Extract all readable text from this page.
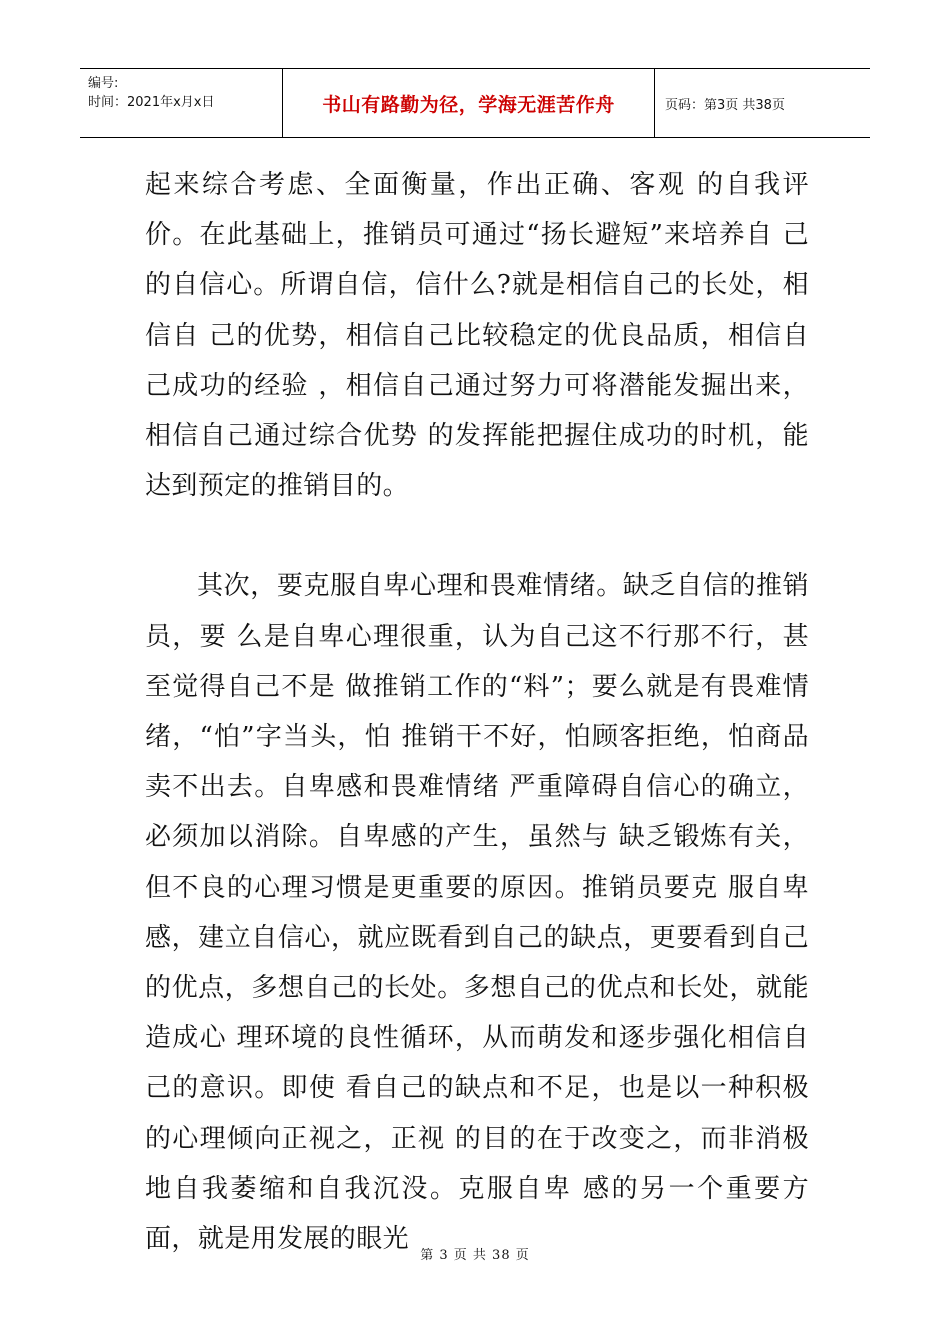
编号:
时间：2021年x月x日	书山有路勤为径，学海无涯苦作舟	页码：第3页 共38页

起来综合考虑、全面衡量，作出正确、客观 的自我评价。在此基础上，推销员可通过“扬长避短”来培养自 己的自信心。所谓自信，信什么?就是相信自己的长处，相信自 己的优势，相信自己比较稳定的优良品质，相信自己成功的经验 ，相信自己通过努力可将潜能发掘出来，相信自己通过综合优势 的发挥能把握住成功的时机，能达到预定的推销目的。

其次，要克服自卑心理和畏难情绪。缺乏自信的推销员，要 么是自卑心理很重，认为自己这不行那不行，甚至觉得自己不是 做推销工作的“料”；要么就是有畏难情绪，“怕”字当头，怕 推销干不好，怕顾客拒绝，怕商品卖不出去。自卑感和畏难情绪 严重障碍自信心的确立，必须加以消除。自卑感的产生，虽然与 缺乏锻炼有关，但不良的心理习惯是更重要的原因。推销员要克 服自卑感，建立自信心，就应既看到自己的缺点，更要看到自己 的优点，多想自己的长处。多想自己的优点和长处，就能造成心 理环境的良性循环，从而萌发和逐步强化相信自己的意识。即使 看自己的缺点和不足，也是以一种积极的心理倾向正视之，正视 的目的在于改变之，而非消极地自我萎缩和自我沉没。克服自卑 感的另一个重要方面，就是用发展的眼光

第 3 页 共 38 页
